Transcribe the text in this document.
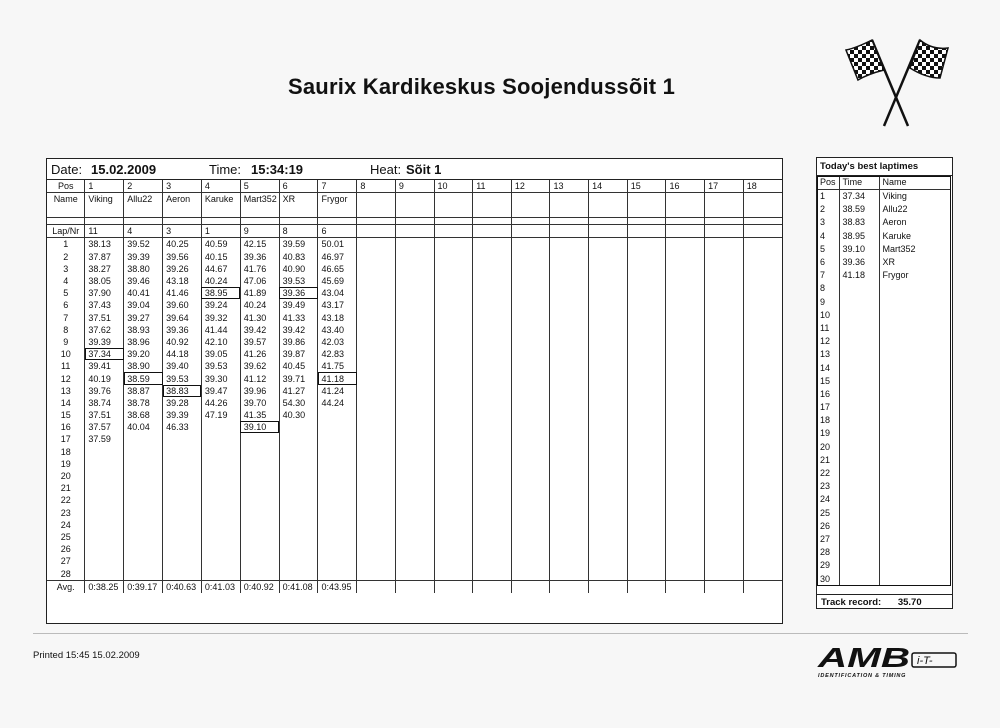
Saurix Kardikeskus Soojendussõit 1
Date: 15.02.2009	Time: 15:34:19	Heat: Sõit 1
Pos	1	2	3	4	5	6	7	8	9	10	11	12	13	14	15	16	17	18
Name	Viking	Allu22	Aeron	Karuke	Mart352	XR	Frygor											

Lap/Nr	11	4	3	1	9	8	6											
1	38.13	39.52	40.25	40.59	42.15	39.59	50.01											
2	37.87	39.39	39.56	40.15	39.36	40.83	46.97											
3	38.27	38.80	39.26	44.67	41.76	40.90	46.65											
4	38.05	39.46	43.18	40.24	47.06	39.53	45.69											
5	37.90	40.41	41.46	38.95	41.89	39.36	43.04											
6	37.43	39.04	39.60	39.24	40.24	39.49	43.17											
7	37.51	39.27	39.64	39.32	41.30	41.33	43.18											
8	37.62	38.93	39.36	41.44	39.42	39.42	43.40											
9	39.39	38.96	40.92	42.10	39.57	39.86	42.03											
10	37.34	39.20	44.18	39.05	41.26	39.87	42.83											
11	39.41	38.90	39.40	39.53	39.62	40.45	41.75											
12	40.19	38.59	39.53	39.30	41.12	39.71	41.18											
13	39.76	38.87	38.83	39.47	39.96	41.27	41.24											
14	38.74	38.78	39.28	44.26	39.70	54.30	44.24											
15	37.51	38.68	39.39	47.19	41.35	40.30												
16	37.57	40.04	46.33		39.10													
17	37.59																	
18																		
19																		
20																		
21																		
22																		
23																		
24																		
25																		
26																		
27																		
28																		
Avg.	0:38.25	0:39.17	0:40.63	0:41.03	0:40.92	0:41.08	0:43.95											
Today's best laptimes
Pos	Time	Name
1	37.34	Viking
2	38.59	Allu22
3	38.83	Aeron
4	38.95	Karuke
5	39.10	Mart352
6	39.36	XR
7	41.18	Frygor
8		
9		
10		
11		
12		
13		
14		
15		
16		
17		
18		
19		
20		
21		
22		
23		
24		
25		
26		
27		
28		
29		
30		
Track record: 35.70
Printed 15:45 15.02.2009	AMB i-T-
IDENTIFICATION & TIMING
